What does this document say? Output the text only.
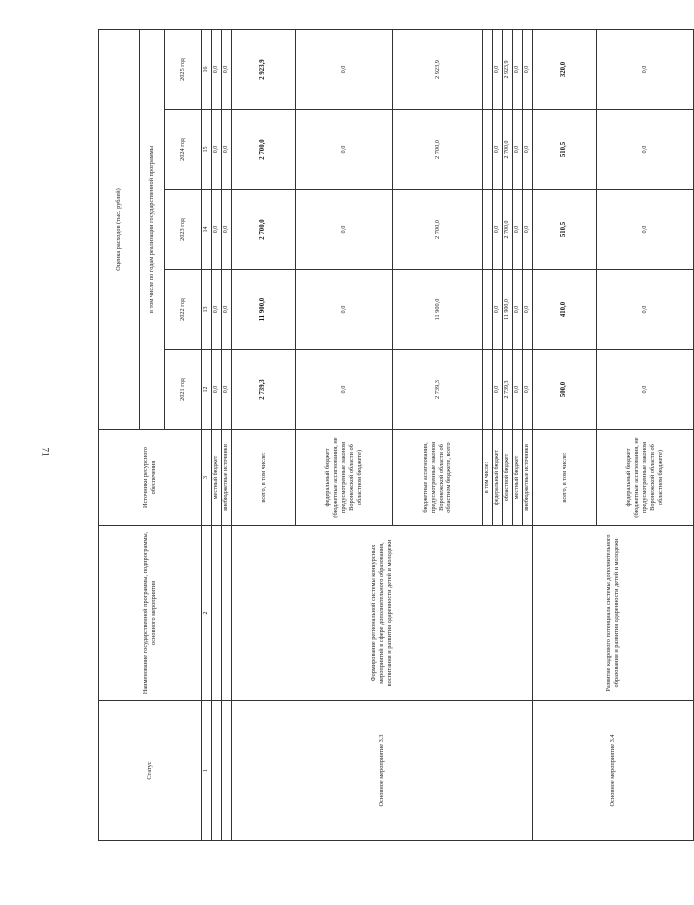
71
Статус	Наименование государственной программы, подпрограммы, основного мероприятия	Источники ресурсного обеспечения	Оценка расходов (тыс. рублей)				
			в том числе по годам реализации государственной программы				
			2021 год	2022 год	2023 год	2024 год	2025 год
1	2	3	12	13	14	15	16
		местный бюджет	0,0	0,0	0,0	0,0	0,0
		внебюджетные источники	0,0	0,0	0,0	0,0	0,0
Основное мероприятие 3.3	Формирование региональной системы конкурсных мероприятий в сфере дополнительного образования, воспитания и развития одаренности детей и молодежи	всего, в том числе:	2 739,3	11 900,0	2 700,0	2 700,0	2 923,9
		федеральный бюджет (бюджетные ассигнования, не предусмотренные законом Воронежской области об областном бюджете)	0,0	0,0	0,0	0,0	0,0
		бюджетные ассигнования, предусмотренные законом Воронежской области об областном бюджете, всего	2 739,3	11 900,0	2 700,0	2 700,0	2 923,9
		в том числе:					
		федеральный бюджет	0,0	0,0	0,0	0,0	0,0
		областной бюджет	2 739,3	11 900,0	2 700,0	2 700,0	2 923,9
		местный бюджет	0,0	0,0	0,0	0,0	0,0
		внебюджетные источники	0,0	0,0	0,0	0,0	0,0
Основное мероприятие 3.4	Развитие кадрового потенциала системы дополнительного образования и развития одаренности детей и молодежи	всего, в том числе:	500,0	410,0	510,5	510,5	320,0
		федеральный бюджет (бюджетные ассигнования, не предусмотренные законом Воронежской области об областном бюджете)	0,0	0,0	0,0	0,0	0,0
